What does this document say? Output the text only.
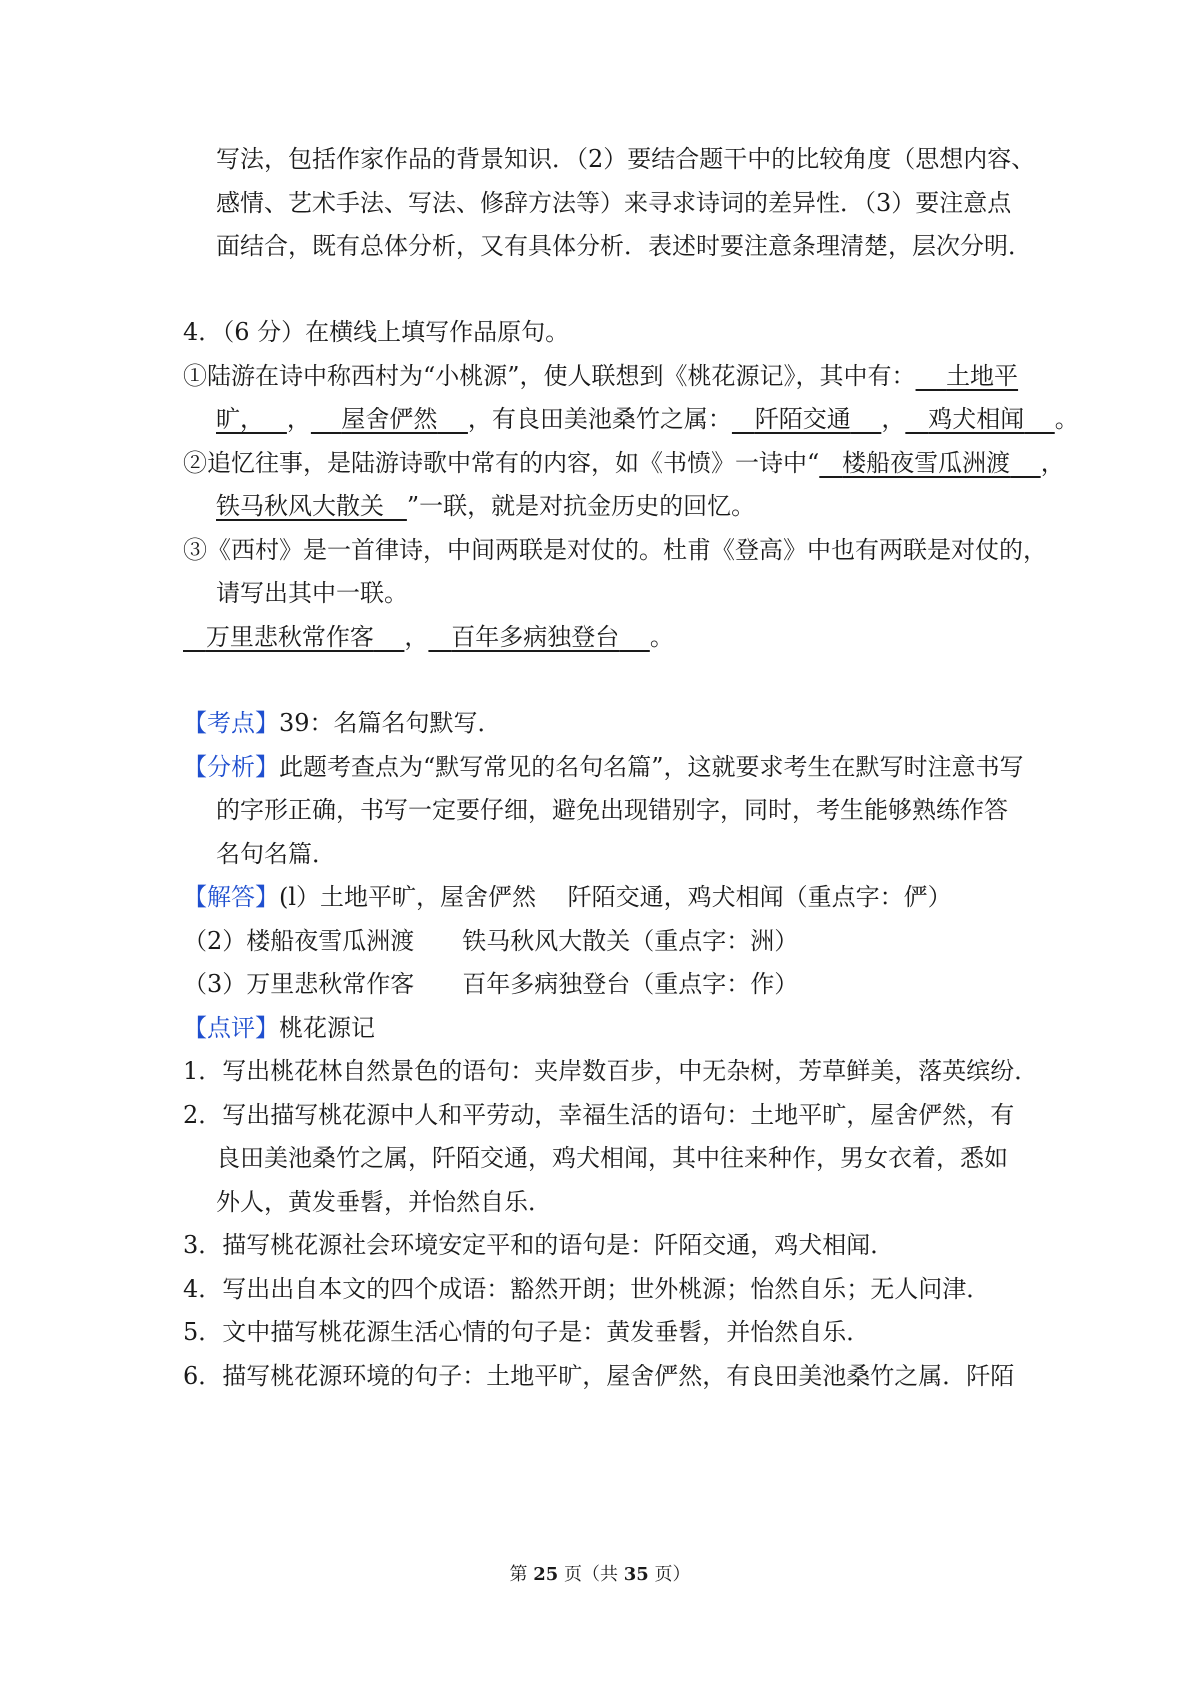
写法，包括作家作品的背景知识．（2）要结合题干中的比较角度（思想内容、
感情、艺术手法、写法、修辞方法等）来寻求诗词的差异性．（3）要注意点
面结合，既有总体分析，又有具体分析．表述时要注意条理清楚，层次分明．
4．（6 分）在横线上填写作品原句。
①陆游在诗中称西村为“小桃源”，使人联想到《桃花源记》，其中有： 土地平
旷， ， 屋舍俨然 ，有良田美池桑竹之属： 阡陌交通 ， 鸡犬相闻 。
②追忆往事，是陆游诗歌中常有的内容，如《书愤》一诗中“ 楼船夜雪瓜洲渡 ，
铁马秋风大散关 ”一联，就是对抗金历史的回忆。
③《西村》是一首律诗，中间两联是对仗的。杜甫《登高》中也有两联是对仗的，
请写出其中一联。
万里悲秋常作客 ， 百年多病独登台 。
【考点】39：名篇名句默写．
【分析】此题考查点为“默写常见的名句名篇”，这就要求考生在默写时注意书写
的字形正确，书写一定要仔细，避免出现错别字，同时，考生能够熟练作答
名句名篇．
【解答】(l）土地平旷，屋舍俨然　 阡陌交通，鸡犬相闻（重点字：俨）
（2）楼船夜雪瓜洲渡　　铁马秋风大散关（重点字：洲）
（3）万里悲秋常作客　　百年多病独登台（重点字：作）
【点评】桃花源记
1．写出桃花林自然景色的语句：夹岸数百步，中无杂树，芳草鲜美，落英缤纷．
2．写出描写桃花源中人和平劳动，幸福生活的语句：土地平旷，屋舍俨然，有
良田美池桑竹之属，阡陌交通，鸡犬相闻，其中往来种作，男女衣着，悉如
外人，黄发垂髫，并怡然自乐．
3．描写桃花源社会环境安定平和的语句是：阡陌交通，鸡犬相闻．
4．写出出自本文的四个成语：豁然开朗；世外桃源；怡然自乐；无人问津．
5．文中描写桃花源生活心情的句子是：黄发垂髫，并怡然自乐．
6．描写桃花源环境的句子：土地平旷，屋舍俨然，有良田美池桑竹之属．阡陌
第 25 页（共 35 页）
